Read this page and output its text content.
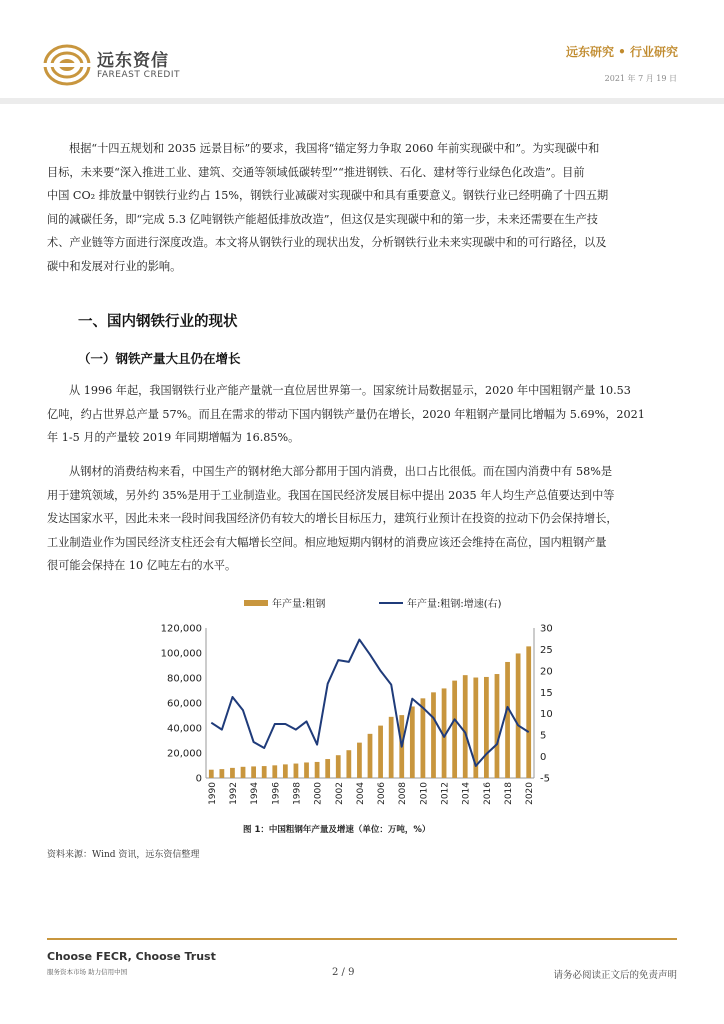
远东资信
FAREAST CREDIT
远东研究 • 行业研究
2021 年 7 月 19 日
根据“十四五规划和 2035 远景目标”的要求，我国将“锚定努力争取 2060 年前实现碳中和”。为实现碳中和
目标，未来要“深入推进工业、建筑、交通等领域低碳转型”“推进钢铁、石化、建材等行业绿色化改造”。目前
中国 CO₂ 排放量中钢铁行业约占 15%，钢铁行业减碳对实现碳中和具有重要意义。钢铁行业已经明确了十四五期
间的减碳任务，即“完成 5.3 亿吨钢铁产能超低排放改造”，但这仅是实现碳中和的第一步，未来还需要在生产技
术、产业链等方面进行深度改造。本文将从钢铁行业的现状出发，分析钢铁行业未来实现碳中和的可行路径，以及
碳中和发展对行业的影响。
一、国内钢铁行业的现状
（一）钢铁产量大且仍在增长
从 1996 年起，我国钢铁行业产能产量就一直位居世界第一。国家统计局数据显示，2020 年中国粗钢产量 10.53
亿吨，约占世界总产量 57%。而且在需求的带动下国内钢铁产量仍在增长，2020 年粗钢产量同比增幅为 5.69%，2021
年 1-5 月的产量较 2019 年同期增幅为 16.85%。
从钢材的消费结构来看，中国生产的钢材绝大部分都用于国内消费，出口占比很低。而在国内消费中有 58%是
用于建筑领域，另外约 35%是用于工业制造业。我国在国民经济发展目标中提出 2035 年人均生产总值要达到中等
发达国家水平，因此未来一段时间我国经济仍有较大的增长目标压力，建筑行业预计在投资的拉动下仍会保持增长，
工业制造业作为国民经济支柱还会有大幅增长空间。相应地短期内钢材的消费应该还会维持在高位，国内粗钢产量
很可能会保持在 10 亿吨左右的水平。
年产量:粗钢	年产量:粗钢:增速(右)
0
20,000
40,000
60,000
80,000
100,000
120,000
-5
0
5
10
15
20
25
30
1990 1992 1994 1996 1998 2000 2002 2004 2006 2008 2010 2012 2014 2016 2018 2020
图 1：中国粗钢年产量及增速（单位：万吨，%）
资料来源：Wind 资讯，远东资信整理
Choose FECR, Choose Trust
服务资本市场 助力信用中国	2 / 9	请务必阅读正文后的免责声明
